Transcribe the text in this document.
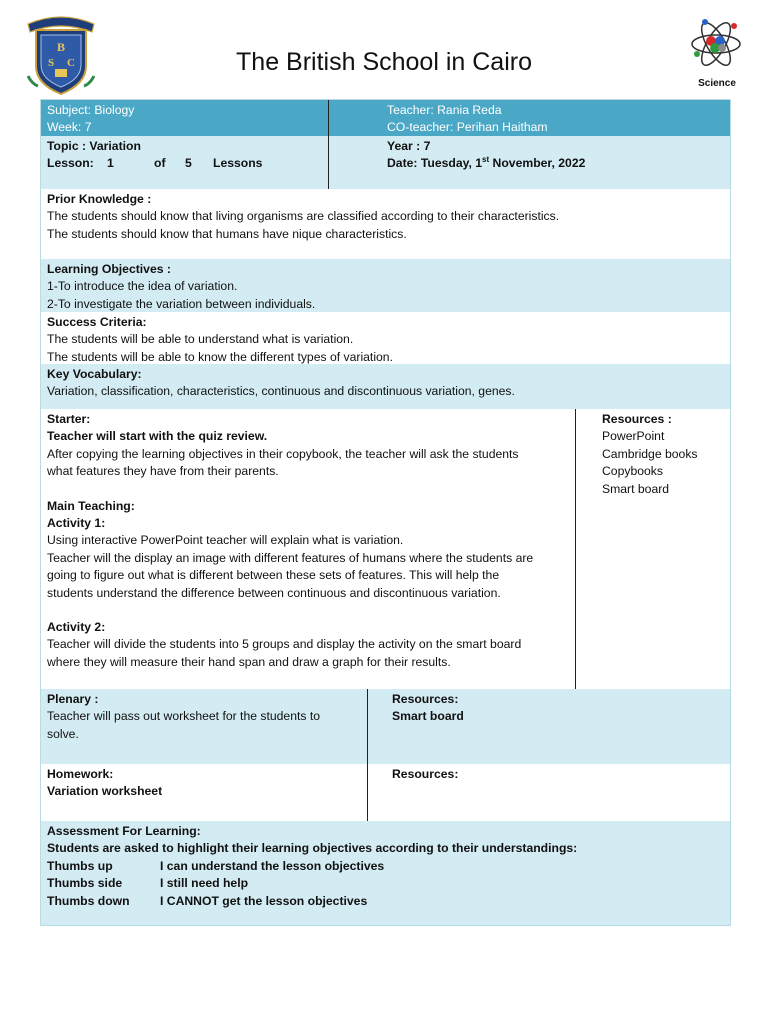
B
S C
Science
The British School in Cairo
Subject: Biology
Week: 7
Teacher: Rania Reda
CO-teacher: Perihan Haitham
Topic : Variation
Lesson: 1	of 5 Lessons
Year : 7
Date: Tuesday, 1st November, 2022
Prior Knowledge :
The students should know that living organisms are classified according to their characteristics.
The students should know that humans have nique characteristics.
Learning Objectives :
1-To introduce the idea of variation.
2-To investigate the variation between individuals.
Success Criteria:
The students will be able to understand what is variation.
The students will be able to know the different types of variation.
Key Vocabulary:
Variation, classification, characteristics, continuous and discontinuous variation, genes.
Starter:
Teacher will start with the quiz review.
After copying the learning objectives in their copybook, the teacher will ask the students
what features they have from their parents.
Main Teaching:
Activity 1:
Using interactive PowerPoint teacher will explain what is variation.
Teacher will the display an image with different features of humans where the students are
going to figure out what is different between these sets of features. This will help the
students understand the difference between continuous and discontinuous variation.
Activity 2:
Teacher will divide the students into 5 groups and display the activity on the smart board
where they will measure their hand span and draw a graph for their results.
Resources :
PowerPoint
Cambridge books
Copybooks
Smart board
Plenary :
Teacher will pass out worksheet for the students to
solve.
Resources:
Smart board
Homework:
Variation worksheet
Resources:
Assessment For Learning:
Students are asked to highlight their learning objectives according to their understandings:
Thumbs up	I can understand the lesson objectives
Thumbs side	I still need help
Thumbs down I CANNOT get the lesson objectives
